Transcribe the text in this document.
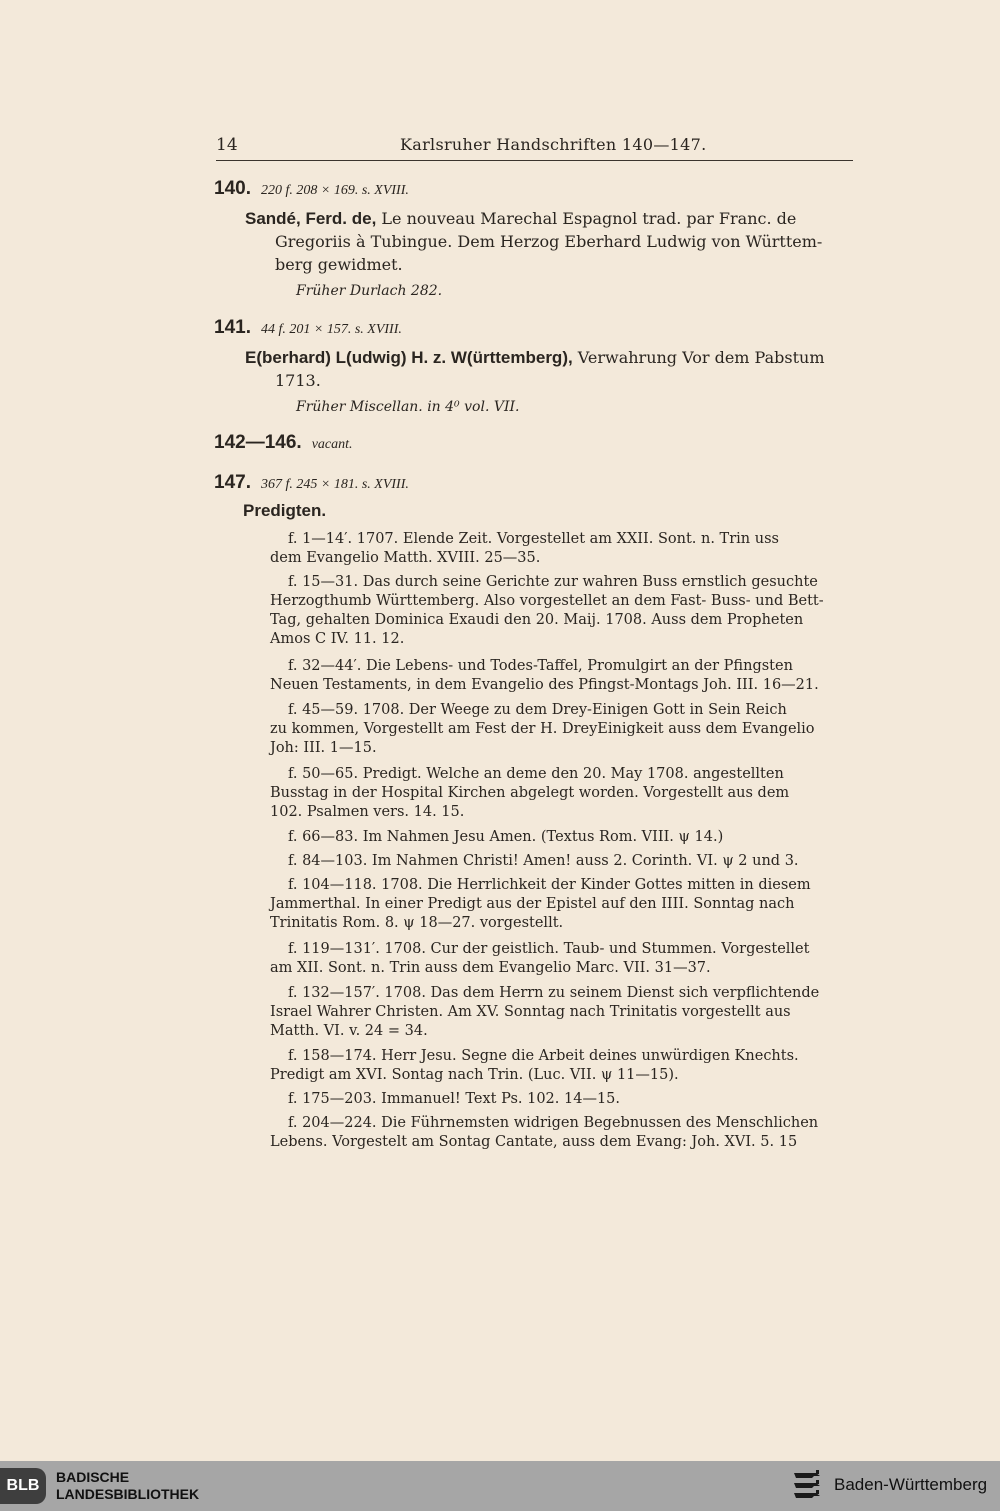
14	Karlsruher Handschriften 140—147.
140. 220 f. 208 × 169. s. XVIII.
Sandé, Ferd. de, Le nouveau Marechal Espagnol trad. par Franc. de
Gregoriis à Tubingue. Dem Herzog Eberhard Ludwig von Württem-
berg gewidmet.
Früher Durlach 282.
141. 44 f. 201 × 157. s. XVIII.
E(berhard) L(udwig) H. z. W(ürttemberg), Verwahrung Vor dem Pabstum
1713.
Früher Miscellan. in 4⁰ vol. VII.
142—146. vacant.
147. 367 f. 245 × 181. s. XVIII.
Predigten.
f. 1—14′. 1707. Elende Zeit. Vorgestellet am XXII. Sont. n. Trin uss
dem Evangelio Matth. XVIII. 25—35.
f. 15—31. Das durch seine Gerichte zur wahren Buss ernstlich gesuchte
Herzogthumb Württemberg. Also vorgestellet an dem Fast- Buss- und Bett-
Tag, gehalten Dominica Exaudi den 20. Maij. 1708. Auss dem Propheten
Amos C IV. 11. 12.
f. 32—44′. Die Lebens- und Todes-Taffel, Promulgirt an der Pfingsten
Neuen Testaments, in dem Evangelio des Pfingst-Montags Joh. III. 16—21.
f. 45—59. 1708. Der Weege zu dem Drey-Einigen Gott in Sein Reich
zu kommen, Vorgestellt am Fest der H. DreyEinigkeit auss dem Evangelio
Joh: III. 1—15.
f. 50—65. Predigt. Welche an deme den 20. May 1708. angestellten
Busstag in der Hospital Kirchen abgelegt worden. Vorgestellt aus dem
102. Psalmen vers. 14. 15.
f. 66—83. Im Nahmen Jesu Amen. (Textus Rom. VIII. ψ 14.)
f. 84—103. Im Nahmen Christi! Amen! auss 2. Corinth. VI. ψ 2 und 3.
f. 104—118. 1708. Die Herrlichkeit der Kinder Gottes mitten in diesem
Jammerthal. In einer Predigt aus der Epistel auf den IIII. Sonntag nach
Trinitatis Rom. 8. ψ 18—27. vorgestellt.
f. 119—131′. 1708. Cur der geistlich. Taub- und Stummen. Vorgestellet
am XII. Sont. n. Trin auss dem Evangelio Marc. VII. 31—37.
f. 132—157′. 1708. Das dem Herrn zu seinem Dienst sich verpflichtende
Israel Wahrer Christen. Am XV. Sonntag nach Trinitatis vorgestellt aus
Matth. VI. v. 24 = 34.
f. 158—174. Herr Jesu. Segne die Arbeit deines unwürdigen Knechts.
Predigt am XVI. Sontag nach Trin. (Luc. VII. ψ 11—15).
f. 175—203. Immanuel! Text Ps. 102. 14—15.
f. 204—224. Die Führnemsten widrigen Begebnussen des Menschlichen
Lebens. Vorgestelt am Sontag Cantate, auss dem Evang: Joh. XVI. 5. 15
BLB	BADISCHE
LANDESBIBLIOTHEK	Baden-Württemberg
